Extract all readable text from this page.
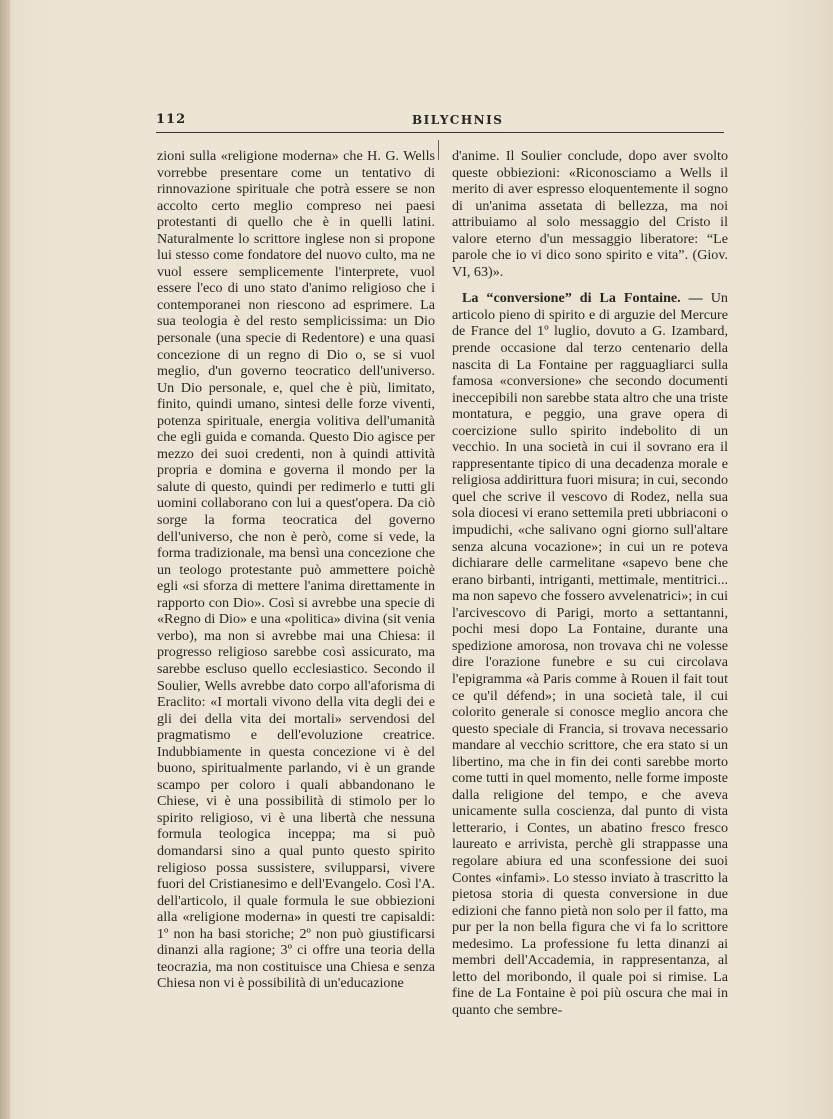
112	BILYCHNIS

zioni sulla «religione moderna» che H. G. Wells vorrebbe presentare come un tentativo di rinnovazione spirituale che potrà essere se non accolto certo meglio compreso nei paesi protestanti di quello che è in quelli latini. Naturalmente lo scrittore inglese non si propone lui stesso come fondatore del nuovo culto, ma ne vuol essere semplicemente l'interprete, vuol essere l'eco di uno stato d'animo religioso che i contemporanei non riescono ad esprimere. La sua teologia è del resto semplicissima: un Dio personale (una specie di Redentore) e una quasi concezione di un regno di Dio o, se si vuol meglio, d'un governo teocratico dell'universo. Un Dio personale, e, quel che è più, limitato, finito, quindi umano, sintesi delle forze viventi, potenza spirituale, energia volitiva dell'umanità che egli guida e comanda. Questo Dio agisce per mezzo dei suoi credenti, non à quindi attività propria e domina e governa il mondo per la salute di questo, quindi per redimerlo e tutti gli uomini collaborano con lui a quest'opera. Da ciò sorge la forma teocratica del governo dell'universo, che non è però, come si vede, la forma tradizionale, ma bensì una concezione che un teologo protestante può ammettere poichè egli «si sforza di mettere l'anima direttamente in rapporto con Dio». Così si avrebbe una specie di «Regno di Dio» e una «politica» divina (sit venia verbo), ma non si avrebbe mai una Chiesa: il progresso religioso sarebbe così assicurato, ma sarebbe escluso quello ecclesiastico. Secondo il Soulier, Wells avrebbe dato corpo all'aforisma di Eraclito: «I mortali vivono della vita degli dei e gli dei della vita dei mortali» servendosi del pragmatismo e dell'evoluzione creatrice. Indubbiamente in questa concezione vi è del buono, spiritualmente parlando, vi è un grande scampo per coloro i quali abbandonano le Chiese, vi è una possibilità di stimolo per lo spirito religioso, vi è una libertà che nessuna formula teologica inceppa; ma si può domandarsi sino a qual punto questo spirito religioso possa sussistere, svilupparsi, vivere fuori del Cristianesimo e dell'Evangelo. Così l'A. dell'articolo, il quale formula le sue obbiezioni alla «religione moderna» in questi tre capisaldi: 1º non ha basi storiche; 2º non può giustificarsi dinanzi alla ragione; 3º ci offre una teoria della teocrazia, ma non costituisce una Chiesa e senza Chiesa non vi è possibilità di un'educazione

d'anime. Il Soulier conclude, dopo aver svolto queste obbiezioni: «Riconosciamo a Wells il merito di aver espresso eloquentemente il sogno di un'anima assetata di bellezza, ma noi attribuiamo al solo messaggio del Cristo il valore eterno d'un messaggio liberatore: “Le parole che io vi dico sono spirito e vita”. (Giov. VI, 63)».

La “conversione” di La Fontaine. — Un articolo pieno di spirito e di arguzie del Mercure de France del 1º luglio, dovuto a G. Izambard, prende occasione dal terzo centenario della nascita di La Fontaine per ragguagliarci sulla famosa «conversione» che secondo documenti ineccepibili non sarebbe stata altro che una triste montatura, e peggio, una grave opera di coercizione sullo spirito indebolito di un vecchio. In una società in cui il sovrano era il rappresentante tipico di una decadenza morale e religiosa addirittura fuori misura; in cui, secondo quel che scrive il vescovo di Rodez, nella sua sola diocesi vi erano settemila preti ubbriaconi o impudichi, «che salivano ogni giorno sull'altare senza alcuna vocazione»; in cui un re poteva dichiarare delle carmelitane «sapevo bene che erano birbanti, intriganti, mettimale, mentitrici... ma non sapevo che fossero avvelenatrici»; in cui l'arcivescovo di Parigi, morto a settantanni, pochi mesi dopo La Fontaine, durante una spedizione amorosa, non trovava chi ne volesse dire l'orazione funebre e su cui circolava l'epigramma «à Paris comme à Rouen il fait tout ce qu'il défend»; in una società tale, il cui colorito generale si conosce meglio ancora che questo speciale di Francia, si trovava necessario mandare al vecchio scrittore, che era stato si un libertino, ma che in fin dei conti sarebbe morto come tutti in quel momento, nelle forme imposte dalla religione del tempo, e che aveva unicamente sulla coscienza, dal punto di vista letterario, i Contes, un abatino fresco fresco laureato e arrivista, perchè gli strappasse una regolare abiura ed una sconfessione dei suoi Contes «infami». Lo stesso inviato à trascritto la pietosa storia di questa conversione in due edizioni che fanno pietà non solo per il fatto, ma pur per la non bella figura che vi fa lo scrittore medesimo. La professione fu letta dinanzi ai membri dell'Accademia, in rappresentanza, al letto del moribondo, il quale poi si rimise. La fine de La Fontaine è poi più oscura che mai in quanto che sembre-
